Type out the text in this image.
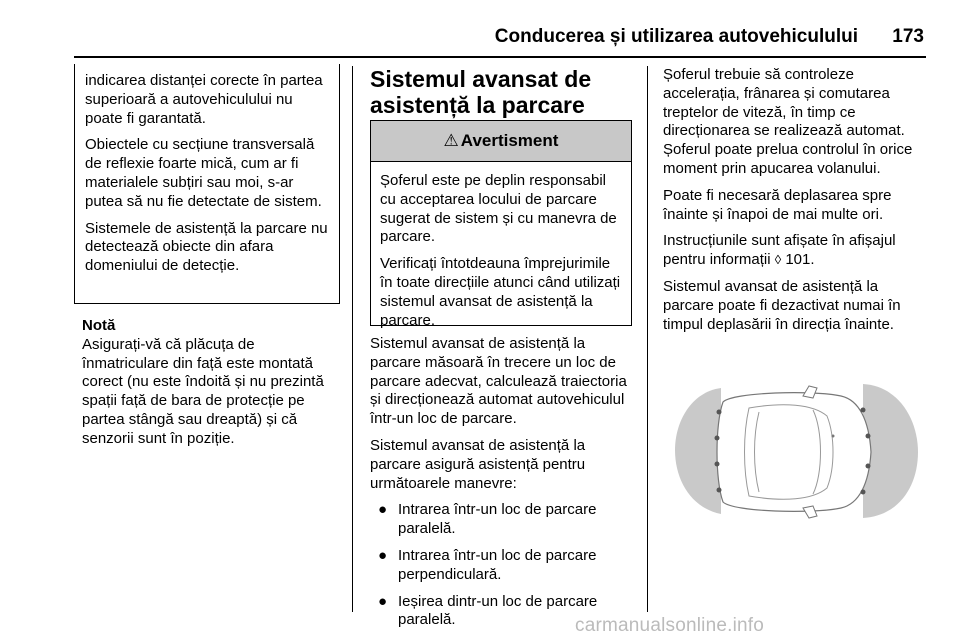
Conducerea și utilizarea autovehiculului 173

indicarea distanței corecte în partea superioară a autovehiculului nu poate fi garantată.

Obiectele cu secțiune transversală de reflexie foarte mică, cum ar fi materialele subțiri sau moi, s-ar putea să nu fie detectate de sistem.

Sistemele de asistență la parcare nu detectează obiecte din afara domeniului de detecție.

Notă

Asigurați-vă că plăcuța de înmatriculare din față este montată corect (nu este îndoită și nu prezintă spații față de bara de protecție pe partea stângă sau dreaptă) și că senzorii sunt în poziție.

Sistemul avansat de asistență la parcare
⚠ Avertisment

Șoferul este pe deplin responsabil cu acceptarea locului de parcare sugerat de sistem și cu manevra de parcare.

Verificați întotdeauna împrejurimile în toate direcțiile atunci când utilizați sistemul avansat de asistență la parcare.

Sistemul avansat de asistență la parcare măsoară în trecere un loc de parcare adecvat, calculează traiectoria și direcționează automat autovehiculul într-un loc de parcare.

Sistemul avansat de asistență la parcare asigură asistență pentru următoarele manevre:

● Intrarea într-un loc de parcare paralelă.
● Intrarea într-un loc de parcare perpendiculară.
● Ieșirea dintr-un loc de parcare paralelă.

Șoferul trebuie să controleze accelerația, frânarea și comutarea treptelor de viteză, în timp ce direcționarea se realizează automat. Șoferul poate prelua controlul în orice moment prin apucarea volanului.

Poate fi necesară deplasarea spre înainte și înapoi de mai multe ori.

Instrucțiunile sunt afișate în afișajul pentru informații ◊ 101.

Sistemul avansat de asistență la parcare poate fi dezactivat numai în timpul deplasării în direcția înainte.

carmanualsonline.info
